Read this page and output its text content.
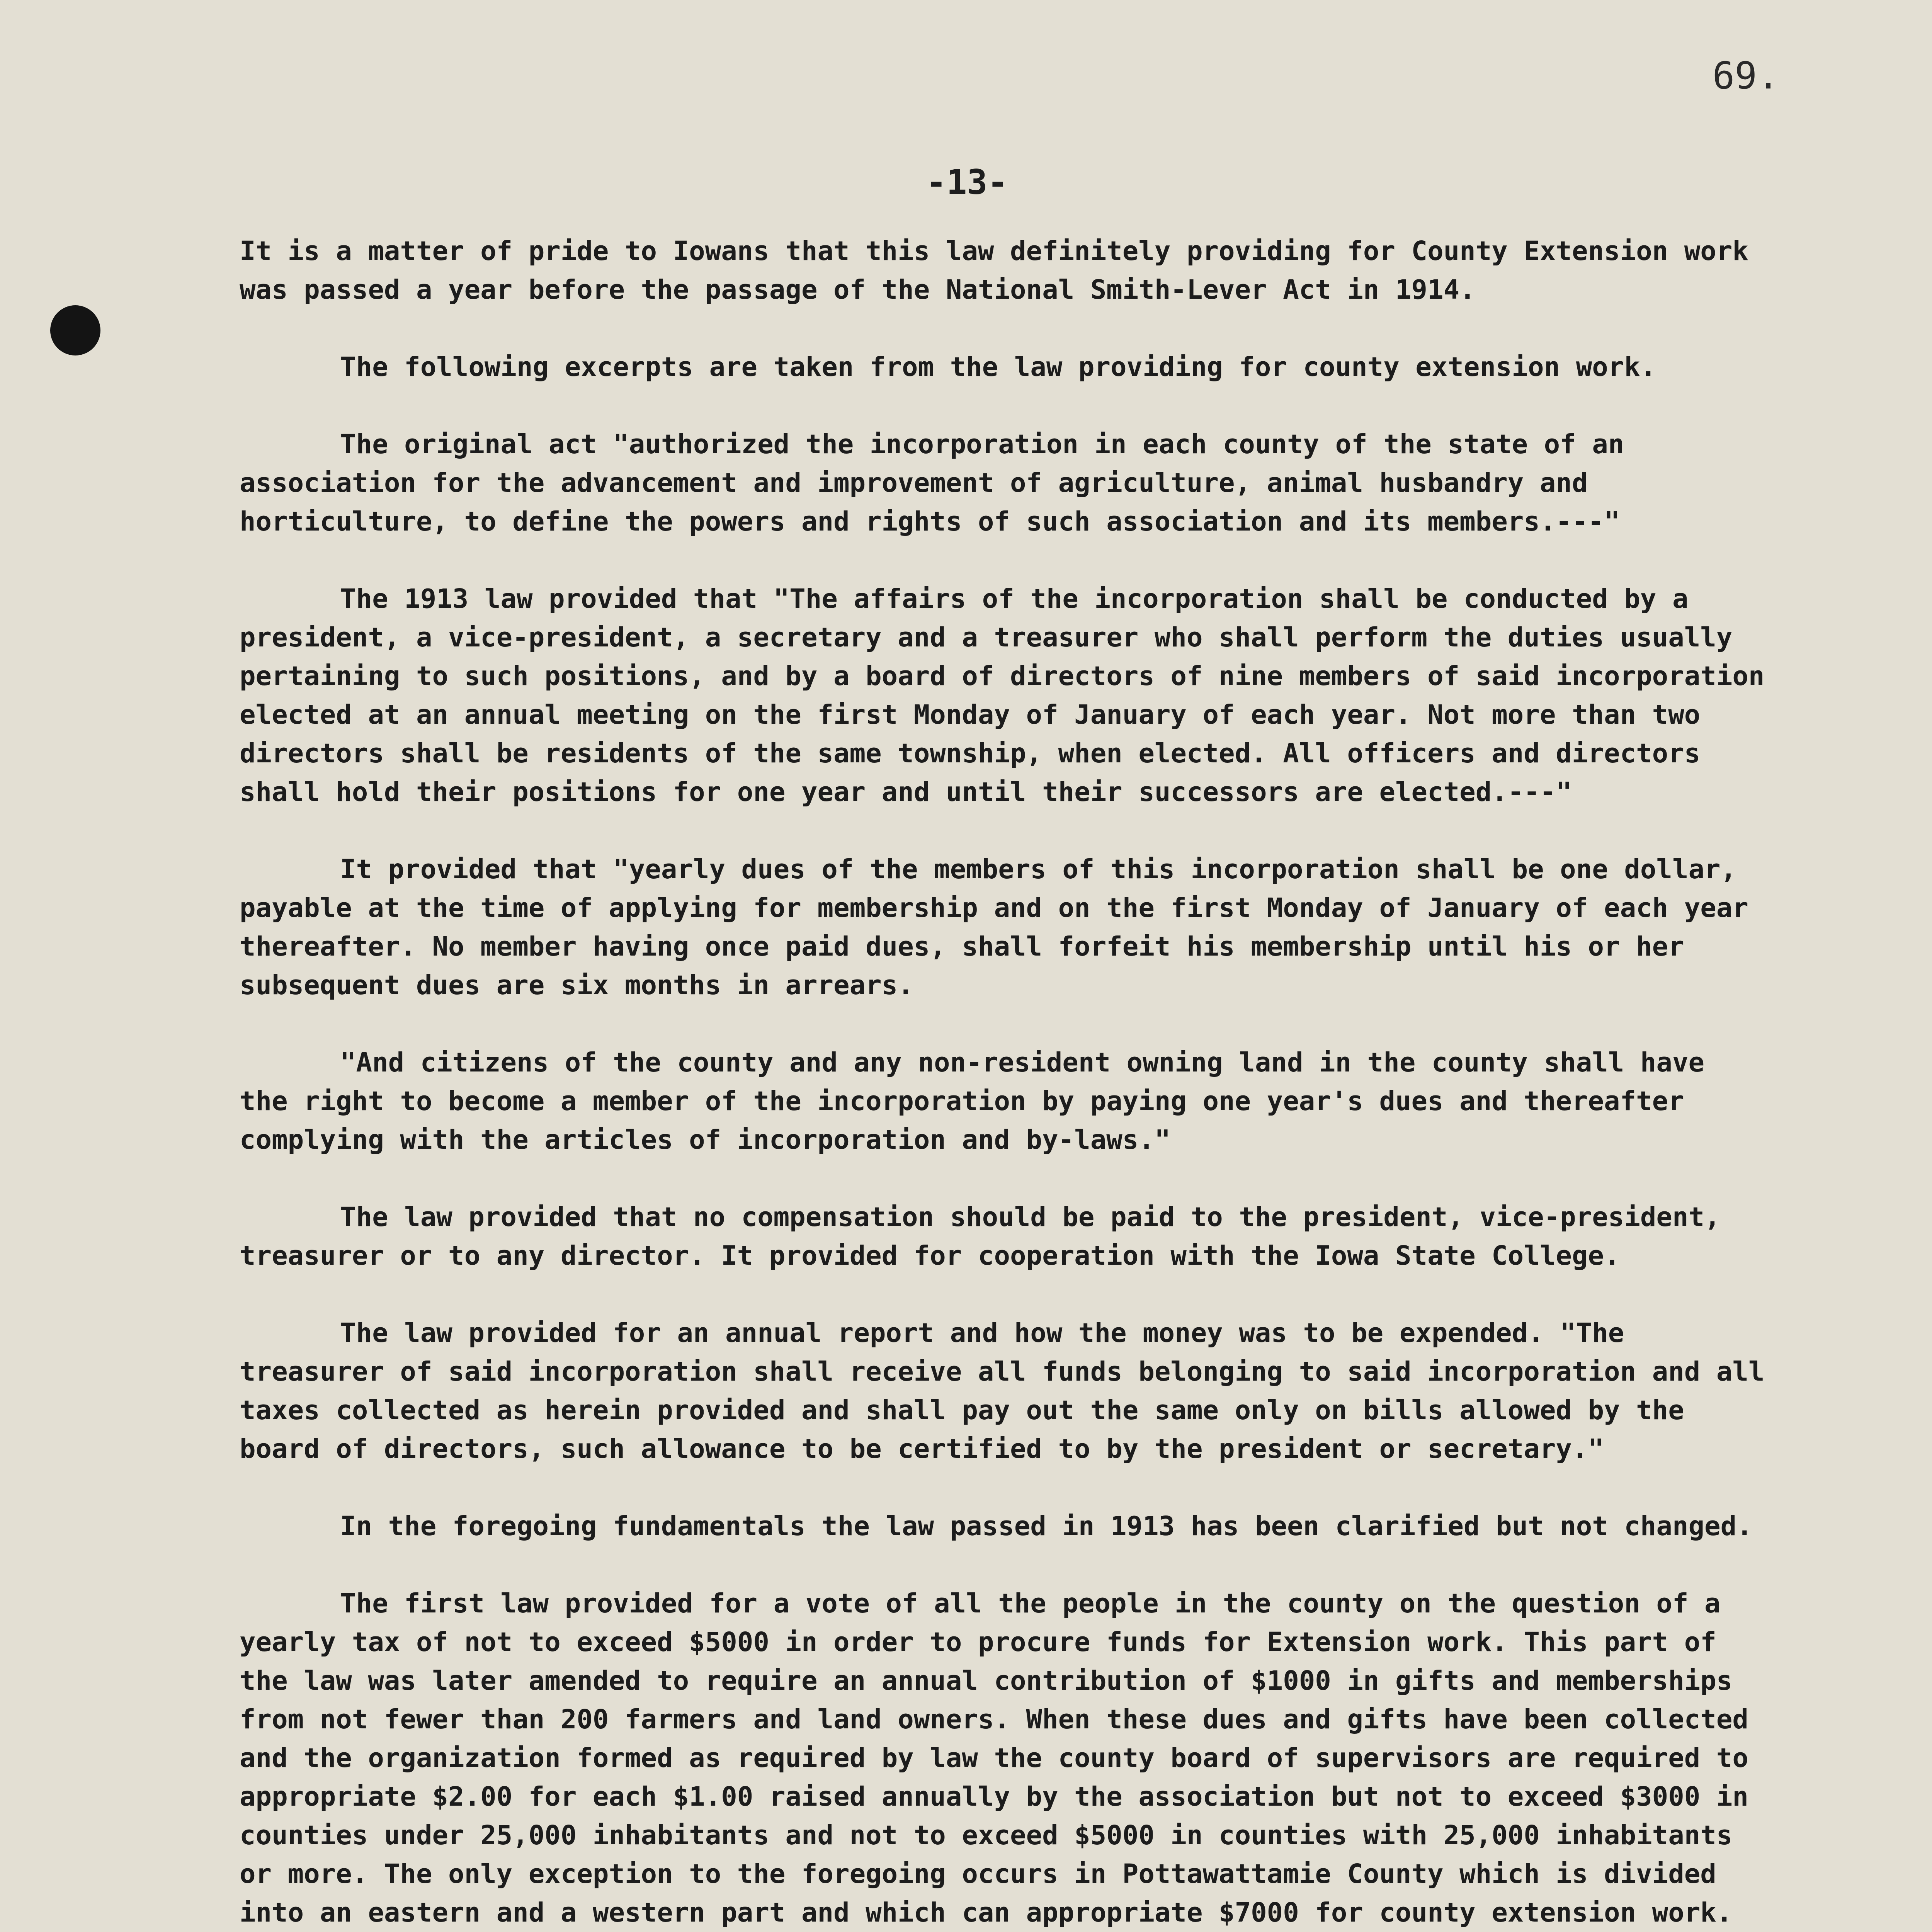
69.
-13-

It is a matter of pride to Iowans that this law definitely providing for County Extension work was passed a year before the passage of the National Smith-Lever Act in 1914.

The following excerpts are taken from the law providing for county extension work.

The original act "authorized the incorporation in each county of the state of an association for the advancement and improvement of agriculture, animal husbandry and horticulture, to define the powers and rights of such association and its members.---"

The 1913 law provided that "The affairs of the incorporation shall be conducted by a president, a vice-president, a secretary and a treasurer who shall perform the duties usually pertaining to such positions, and by a board of directors of nine members of said incorporation elected at an annual meeting on the first Monday of January of each year. Not more than two directors shall be residents of the same township, when elected. All officers and directors shall hold their positions for one year and until their successors are elected.---"

It provided that "yearly dues of the members of this incorporation shall be one dollar, payable at the time of applying for membership and on the first Monday of January of each year thereafter. No member having once paid dues, shall forfeit his membership until his or her subsequent dues are six months in arrears.

"And citizens of the county and any non-resident owning land in the county shall have the right to become a member of the incorporation by paying one year's dues and thereafter complying with the articles of incorporation and by-laws."

The law provided that no compensation should be paid to the president, vice-president, treasurer or to any director. It provided for cooperation with the Iowa State College.

The law provided for an annual report and how the money was to be expended. "The treasurer of said incorporation shall receive all funds belonging to said incorporation and all taxes collected as herein provided and shall pay out the same only on bills allowed by the board of directors, such allowance to be certified to by the president or secretary."

In the foregoing fundamentals the law passed in 1913 has been clarified but not changed.

The first law provided for a vote of all the people in the county on the question of a yearly tax of not to exceed $5000 in order to procure funds for Extension work. This part of the law was later amended to require an annual contribution of $1000 in gifts and memberships from not fewer than 200 farmers and land owners. When these dues and gifts have been collected and the organization formed as required by law the county board of supervisors are required to appropriate $2.00 for each $1.00 raised annually by the association but not to exceed $3000 in counties under 25,000 inhabitants and not to exceed $5000 in counties with 25,000 inhabitants or more. The only exception to the foregoing occurs in Pottawattamie County which is divided into an eastern and a western part and which can appropriate $7000 for county extension work.
